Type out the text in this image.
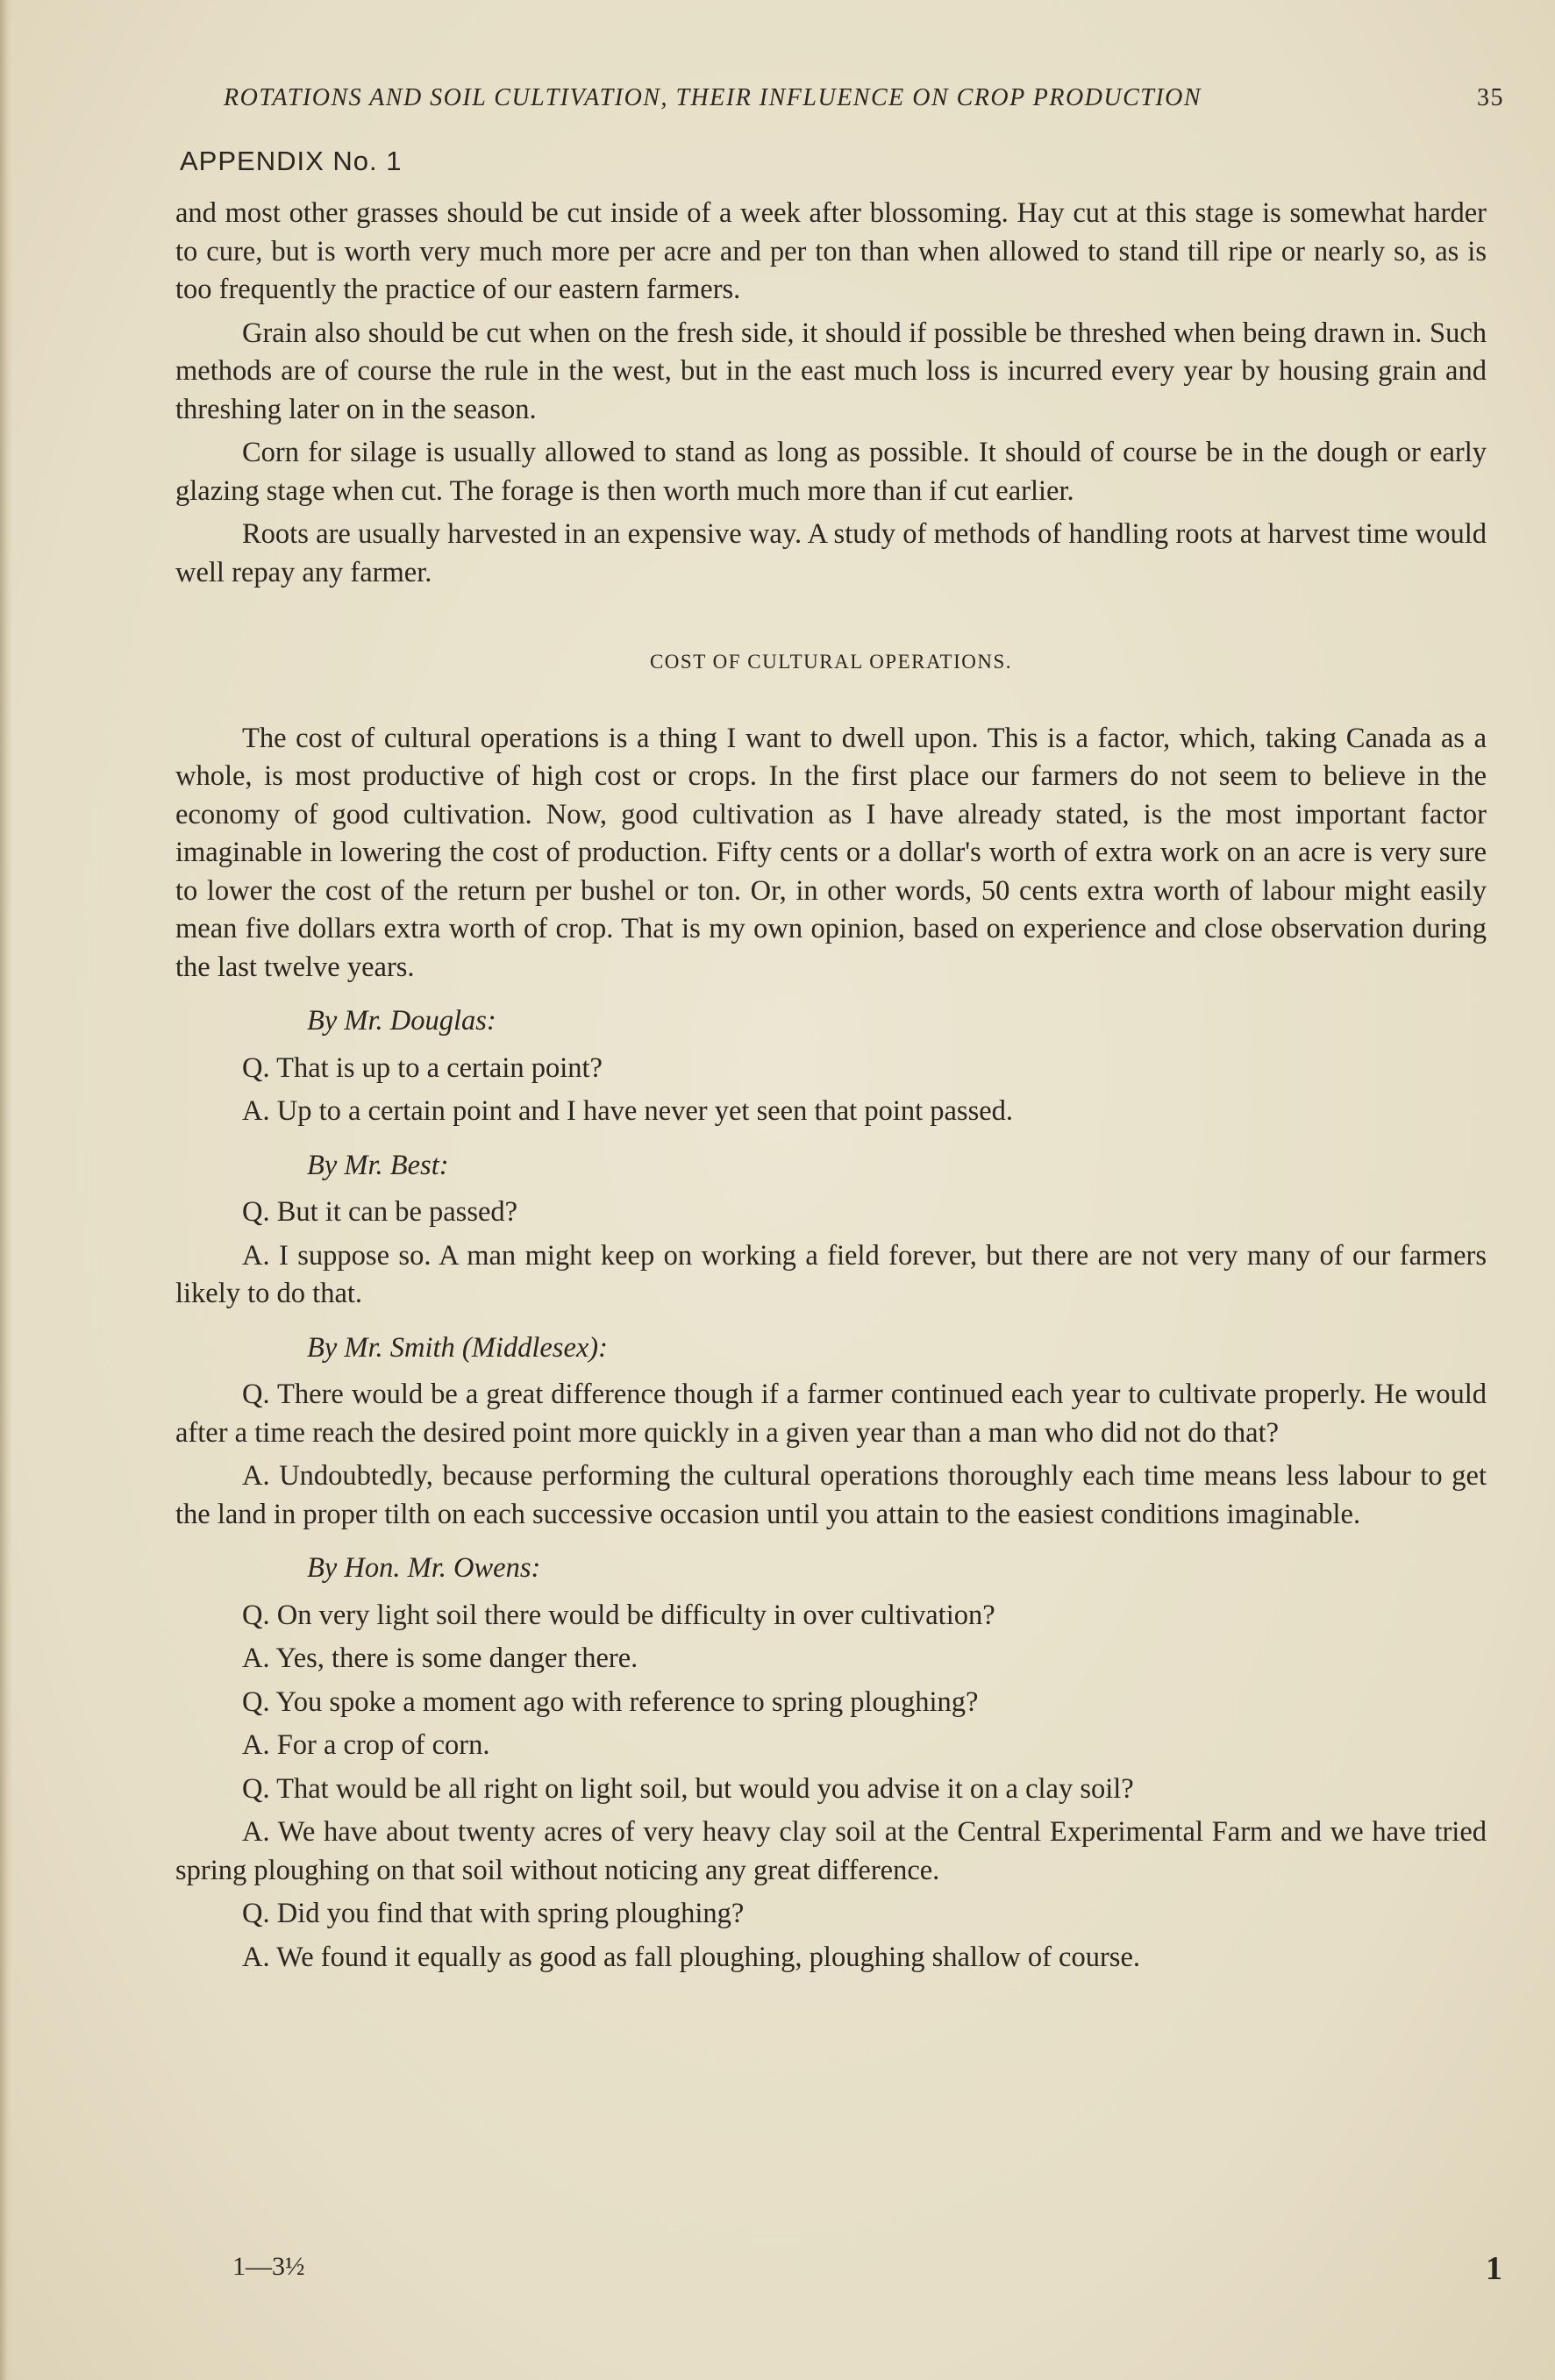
ROTATIONS AND SOIL CULTIVATION, THEIR INFLUENCE ON CROP PRODUCTION	35
APPENDIX No. 1

and most other grasses should be cut inside of a week after blossoming. Hay cut at this stage is somewhat harder to cure, but is worth very much more per acre and per ton than when allowed to stand till ripe or nearly so, as is too frequently the practice of our eastern farmers.

Grain also should be cut when on the fresh side, it should if possible be threshed when being drawn in. Such methods are of course the rule in the west, but in the east much loss is incurred every year by housing grain and threshing later on in the season.

Corn for silage is usually allowed to stand as long as possible. It should of course be in the dough or early glazing stage when cut. The forage is then worth much more than if cut earlier.

Roots are usually harvested in an expensive way. A study of methods of handling roots at harvest time would well repay any farmer.

COST OF CULTURAL OPERATIONS.

The cost of cultural operations is a thing I want to dwell upon. This is a factor, which, taking Canada as a whole, is most productive of high cost or crops. In the first place our farmers do not seem to believe in the economy of good cultivation. Now, good cultivation as I have already stated, is the most important factor imaginable in lowering the cost of production. Fifty cents or a dollar's worth of extra work on an acre is very sure to lower the cost of the return per bushel or ton. Or, in other words, 50 cents extra worth of labour might easily mean five dollars extra worth of crop. That is my own opinion, based on experience and close observation during the last twelve years.

By Mr. Douglas:

Q. That is up to a certain point?

A. Up to a certain point and I have never yet seen that point passed.

By Mr. Best:

Q. But it can be passed?

A. I suppose so. A man might keep on working a field forever, but there are not very many of our farmers likely to do that.

By Mr. Smith (Middlesex):

Q. There would be a great difference though if a farmer continued each year to cultivate properly. He would after a time reach the desired point more quickly in a given year than a man who did not do that?

A. Undoubtedly, because performing the cultural operations thoroughly each time means less labour to get the land in proper tilth on each successive occasion until you attain to the easiest conditions imaginable.

By Hon. Mr. Owens:

Q. On very light soil there would be difficulty in over cultivation?

A. Yes, there is some danger there.

Q. You spoke a moment ago with reference to spring ploughing?

A. For a crop of corn.

Q. That would be all right on light soil, but would you advise it on a clay soil?

A. We have about twenty acres of very heavy clay soil at the Central Experimental Farm and we have tried spring ploughing on that soil without noticing any great difference.

Q. Did you find that with spring ploughing?

A. We found it equally as good as fall ploughing, ploughing shallow of course.

1—3½	1
